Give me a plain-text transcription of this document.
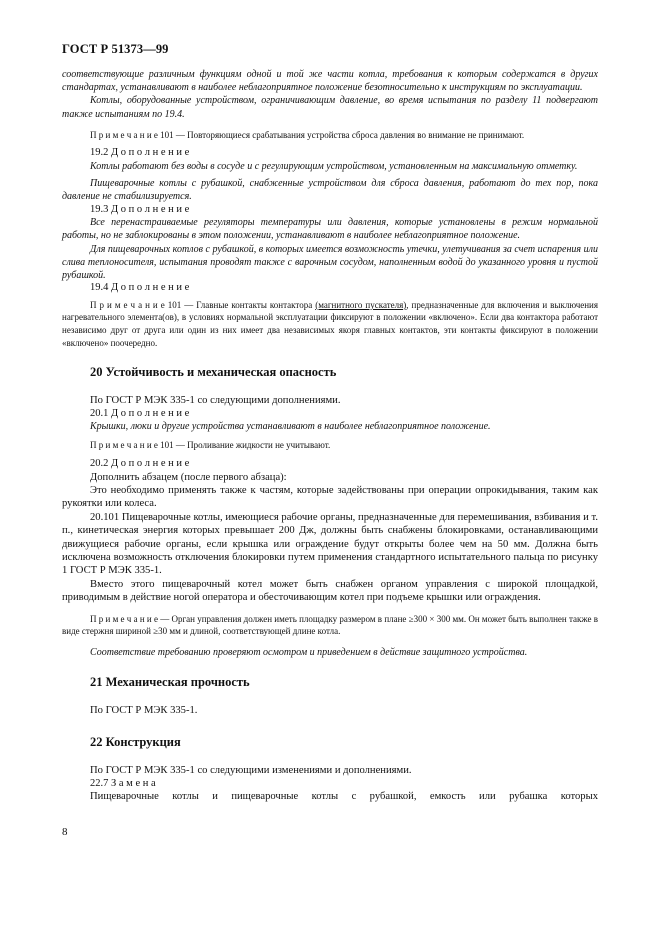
ГОСТ Р 51373—99

соответствующие различным функциям одной и той же части котла, требования к которым содержатся в других стандартах, устанавливают в наиболее неблагоприятное положение безотносительно к инструкциям по эксплуатации.

Котлы, оборудованные устройством, ограничивающим давление, во время испытания по разделу 11 подвергают также испытаниям по 19.4.

П р и м е ч а н и е 101 — Повторяющиеся срабатывания устройства сброса давления во внимание не принимают.

19.2 Д о п о л н е н и е

Котлы работают без воды в сосуде и с регулирующим устройством, установленным на максимальную отметку.

Пищеварочные котлы с рубашкой, снабженные устройством для сброса давления, работают до тех пор, пока давление не стабилизируется.

19.3 Д о п о л н е н и е

Все перенастраиваемые регуляторы температуры или давления, которые установлены в режим нормальной работы, но не заблокированы в этом положении, устанавливают в наиболее неблагоприятное положение.

Для пищеварочных котлов с рубашкой, в которых имеется возможность утечки, улетучивания за счет испарения или слива теплоносителя, испытания проводят также с варочным сосудом, наполненным водой до указанного уровня и пустой рубашкой.

19.4 Д о п о л н е н и е

П р и м е ч а н и е 101 — Главные контакты контактора (магнитного пускателя), предназначенные для включения и выключения нагревательного элемента(ов), в условиях нормальной эксплуатации фиксируют в положении «включено». Если два контактора работают независимо друг от друга или один из них имеет два независимых якоря главных контактов, эти контакты фиксируют в положении «включено» поочередно.

20 Устойчивость и механическая опасность

По ГОСТ Р МЭК 335-1 со следующими дополнениями.

20.1 Д о п о л н е н и е

Крышки, люки и другие устройства устанавливают в наиболее неблагоприятное положение.

П р и м е ч а н и е 101 — Проливание жидкости не учитывают.

20.2 Д о п о л н е н и е

Дополнить абзацем (после первого абзаца):

Это необходимо применять также к частям, которые задействованы при операции опрокидывания, таким как рукоятки или колеса.

20.101 Пищеварочные котлы, имеющиеся рабочие органы, предназначенные для перемешивания, взбивания и т. п., кинетическая энергия которых превышает 200 Дж, должны быть снабжены блокировками, останавливающими движущиеся рабочие органы, если крышка или ограждение будут открыты более чем на 50 мм. Должна быть исключена возможность отключения блокировки путем применения стандартного испытательного пальца по рисунку 1 ГОСТ Р МЭК 335-1.

Вместо этого пищеварочный котел может быть снабжен органом управления с широкой площадкой, приводимым в действие ногой оператора и обесточивающим котел при подъеме крышки или ограждения.

П р и м е ч а н и е — Орган управления должен иметь площадку размером в плане ≥300 × 300 мм. Он может быть выполнен также в виде стержня шириной ≥30 мм и длиной, соответствующей длине котла.

Соответствие требованию проверяют осмотром и приведением в действие защитного устройства.

21 Механическая прочность

По ГОСТ Р МЭК 335-1.

22 Конструкция

По ГОСТ Р МЭК 335-1 со следующими изменениями и дополнениями.

22.7 З а м е н а

Пищеварочные котлы и пищеварочные котлы с рубашкой, емкость или рубашка которых

8
